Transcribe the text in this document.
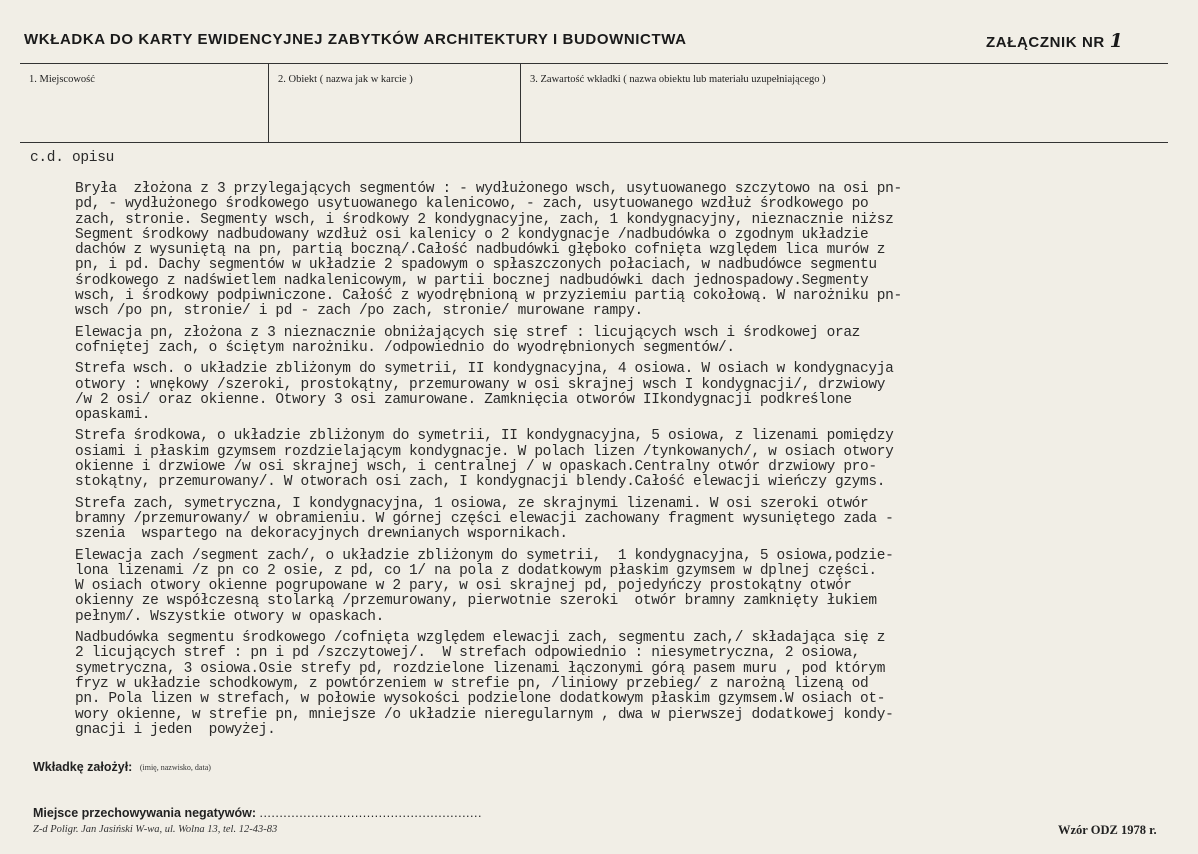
WKŁADKA DO KARTY EWIDENCYJNEJ ZABYTKÓW ARCHITEKTURY I BUDOWNICTWA	ZAŁĄCZNIK NR 1
1. Miejscowość	2. Obiekt ( nazwa jak w karcie )	3. Zawartość wkładki ( nazwa obiektu lub materiału uzupełniającego )
c.d. opisu
Bryła  złożona z 3 przylegających segmentów : - wydłużonego wsch, usytuowanego szczytowo na osi pn-
pd, - wydłużonego środkowego usytuowanego kalenicowo, - zach, usytuowanego wzdłuż środkowego po
zach, stronie. Segmenty wsch, i środkowy 2 kondygnacyjne, zach, 1 kondygnacyjny, nieznacznie niższ
Segment środkowy nadbudowany wzdłuż osi kalenicy o 2 kondygnacje /nadbudówka o zgodnym układzie
dachów z wysuniętą na pn, partią boczną/.Całość nadbudówki głęboko cofnięta względem lica murów z
pn, i pd. Dachy segmentów w układzie 2 spadowym o spłaszczonych połaciach, w nadbudówce segmentu
środkowego z nadświetlem nadkalenicowym, w partii bocznej nadbudówki dach jednospadowy.Segmenty
wsch, i środkowy podpiwniczone. Całość z wyodrębnioną w przyziemiu partią cokołową. W narożniku pn-
wsch /po pn, stronie/ i pd - zach /po zach, stronie/ murowane rampy.
Elewacja pn, złożona z 3 nieznacznie obniżających się stref : licujących wsch i środkowej oraz
cofniętej zach, o ściętym narożniku. /odpowiednio do wyodrębnionych segmentów/.
Strefa wsch. o układzie zbliżonym do symetrii, II kondygnacyjna, 4 osiowa. W osiach w kondygnacyja
otwory : wnękowy /szeroki, prostokątny, przemurowany w osi skrajnej wsch I kondygnacji/, drzwiowy
/w 2 osi/ oraz okienne. Otwory 3 osi zamurowane. Zamknięcia otworów IIkondygnacji podkreślone
opaskami.
Strefa środkowa, o układzie zbliżonym do symetrii, II kondygnacyjna, 5 osiowa, z lizenami pomiędzy
osiami i płaskim gzymsem rozdzielającym kondygnacje. W polach lizen /tynkowanych/, w osiach otwory
okienne i drzwiowe /w osi skrajnej wsch, i centralnej / w opaskach.Centralny otwór drzwiowy pro-
stokątny, przemurowany/. W otworach osi zach, I kondygnacji blendy.Całość elewacji wieńczy gzyms.
Strefa zach, symetryczna, I kondygnacyjna, 1 osiowa, ze skrajnymi lizenami. W osi szeroki otwór
bramny /przemurowany/ w obramieniu. W górnej części elewacji zachowany fragment wysuniętego zada -
szenia  wspartego na dekoracyjnych drewnianych wspornikach.
Elewacja zach /segment zach/, o układzie zbliżonym do symetrii,  1 kondygnacyjna, 5 osiowa,podzie-
lona lizenami /z pn co 2 osie, z pd, co 1/ na pola z dodatkowym płaskim gzymsem w dplnej części.
W osiach otwory okienne pogrupowane w 2 pary, w osi skrajnej pd, pojedyńczy prostokątny otwór
okienny ze współczesną stolarką /przemurowany, pierwotnie szeroki  otwór bramny zamknięty łukiem
pełnym/. Wszystkie otwory w opaskach.
Nadbudówka segmentu środkowego /cofnięta względem elewacji zach, segmentu zach,/ składająca się z
2 licujących stref : pn i pd /szczytowej/.  W strefach odpowiednio : niesymetryczna, 2 osiowa,
symetryczna, 3 osiowa.Osie strefy pd, rozdzielone lizenami łączonymi górą pasem muru , pod którym
fryz w układzie schodkowym, z powtórzeniem w strefie pn, /liniowy przebieg/ z narożną lizeną od
pn. Pola lizen w strefach, w połowie wysokości podzielone dodatkowym płaskim gzymsem.W osiach ot-
wory okienne, w strefie pn, mniejsze /o układzie nieregularnym , dwa w pierwszej dodatkowej kondy-
gnacji i jeden  powyżej.
Wkładkę założył: (imię, nazwisko, data)
Miejsce przechowywania negatywów: ........................................................
Z-d Poligr. Jan Jasiński W-wa, ul. Wolna 13, tel. 12-43-83	Wzór ODZ 1978 r.
